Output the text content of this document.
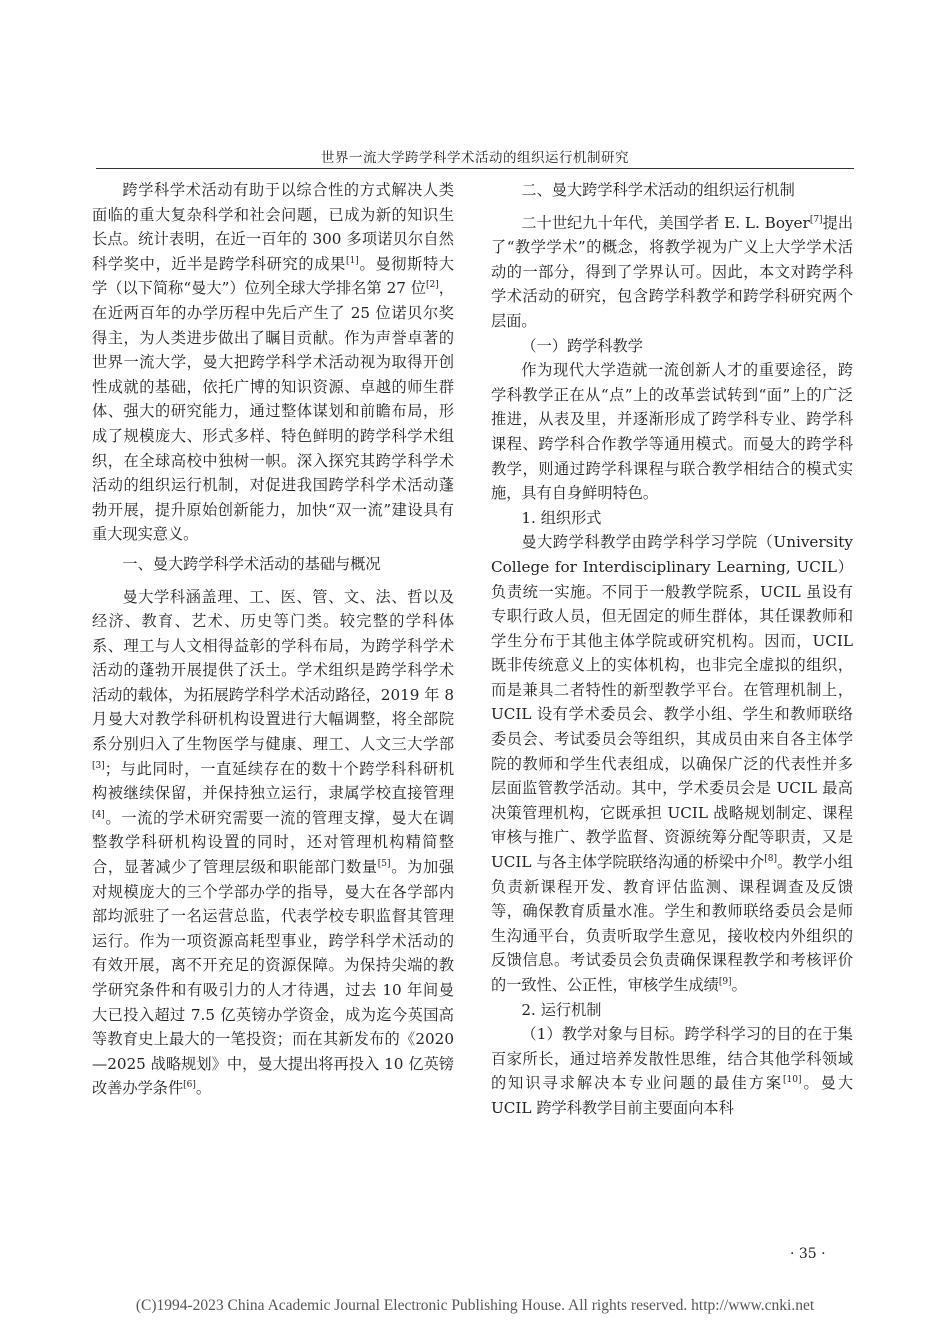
世界一流大学跨学科学术活动的组织运行机制研究

跨学科学术活动有助于以综合性的方式解决人类面临的重大复杂科学和社会问题，已成为新的知识生长点。统计表明，在近一百年的 300 多项诺贝尔自然科学奖中，近半是跨学科研究的成果[1]。曼彻斯特大学（以下简称“曼大”）位列全球大学排名第 27 位[2]，在近两百年的办学历程中先后产生了 25 位诺贝尔奖得主，为人类进步做出了瞩目贡献。作为声誉卓著的世界一流大学，曼大把跨学科学术活动视为取得开创性成就的基础，依托广博的知识资源、卓越的师生群体、强大的研究能力，通过整体谋划和前瞻布局，形成了规模庞大、形式多样、特色鲜明的跨学科学术组织，在全球高校中独树一帜。深入探究其跨学科学术活动的组织运行机制，对促进我国跨学科学术活动蓬勃开展，提升原始创新能力，加快“双一流”建设具有重大现实意义。

一、曼大跨学科学术活动的基础与概况

曼大学科涵盖理、工、医、管、文、法、哲以及经济、教育、艺术、历史等门类。较完整的学科体系、理工与人文相得益彰的学科布局，为跨学科学术活动的蓬勃开展提供了沃土。学术组织是跨学科学术活动的载体，为拓展跨学科学术活动路径，2019 年 8 月曼大对教学科研机构设置进行大幅调整，将全部院系分别归入了生物医学与健康、理工、人文三大学部[3]；与此同时，一直延续存在的数十个跨学科科研机构被继续保留，并保持独立运行，隶属学校直接管理[4]。一流的学术研究需要一流的管理支撑，曼大在调整教学科研机构设置的同时，还对管理机构精简整合，显著减少了管理层级和职能部门数量[5]。为加强对规模庞大的三个学部办学的指导，曼大在各学部内部均派驻了一名运营总监，代表学校专职监督其管理运行。作为一项资源高耗型事业，跨学科学术活动的有效开展，离不开充足的资源保障。为保持尖端的教学研究条件和有吸引力的人才待遇，过去 10 年间曼大已投入超过 7.5 亿英镑办学资金，成为迄今英国高等教育史上最大的一笔投资；而在其新发布的《2020—2025 战略规划》中，曼大提出将再投入 10 亿英镑改善办学条件[6]。

二、曼大跨学科学术活动的组织运行机制

二十世纪九十年代，美国学者 E. L. Boyer[7]提出了“教学学术”的概念，将教学视为广义上大学学术活动的一部分，得到了学界认可。因此，本文对跨学科学术活动的研究，包含跨学科教学和跨学科研究两个层面。

（一）跨学科教学

作为现代大学造就一流创新人才的重要途径，跨学科教学正在从“点”上的改革尝试转到“面”上的广泛推进，从表及里，并逐渐形成了跨学科专业、跨学科课程、跨学科合作教学等通用模式。而曼大的跨学科教学，则通过跨学科课程与联合教学相结合的模式实施，具有自身鲜明特色。

1. 组织形式

曼大跨学科教学由跨学科学习学院（University College for Interdisciplinary Learning, UCIL）负责统一实施。不同于一般教学院系，UCIL 虽设有专职行政人员，但无固定的师生群体，其任课教师和学生分布于其他主体学院或研究机构。因而，UCIL 既非传统意义上的实体机构，也非完全虚拟的组织，而是兼具二者特性的新型教学平台。在管理机制上，UCIL 设有学术委员会、教学小组、学生和教师联络委员会、考试委员会等组织，其成员由来自各主体学院的教师和学生代表组成，以确保广泛的代表性并多层面监管教学活动。其中，学术委员会是 UCIL 最高决策管理机构，它既承担 UCIL 战略规划制定、课程审核与推广、教学监督、资源统筹分配等职责，又是 UCIL 与各主体学院联络沟通的桥梁中介[8]。教学小组负责新课程开发、教育评估监测、课程调查及反馈等，确保教育质量水准。学生和教师联络委员会是师生沟通平台，负责听取学生意见，接收校内外组织的反馈信息。考试委员会负责确保课程教学和考核评价的一致性、公正性，审核学生成绩[9]。

2. 运行机制

（1）教学对象与目标。跨学科学习的目的在于集百家所长，通过培养发散性思维，结合其他学科领域的知识寻求解决本专业问题的最佳方案[10]。曼大 UCIL 跨学科教学目前主要面向本科

· 35 ·
(C)1994-2023 China Academic Journal Electronic Publishing House. All rights reserved. http://www.cnki.net
